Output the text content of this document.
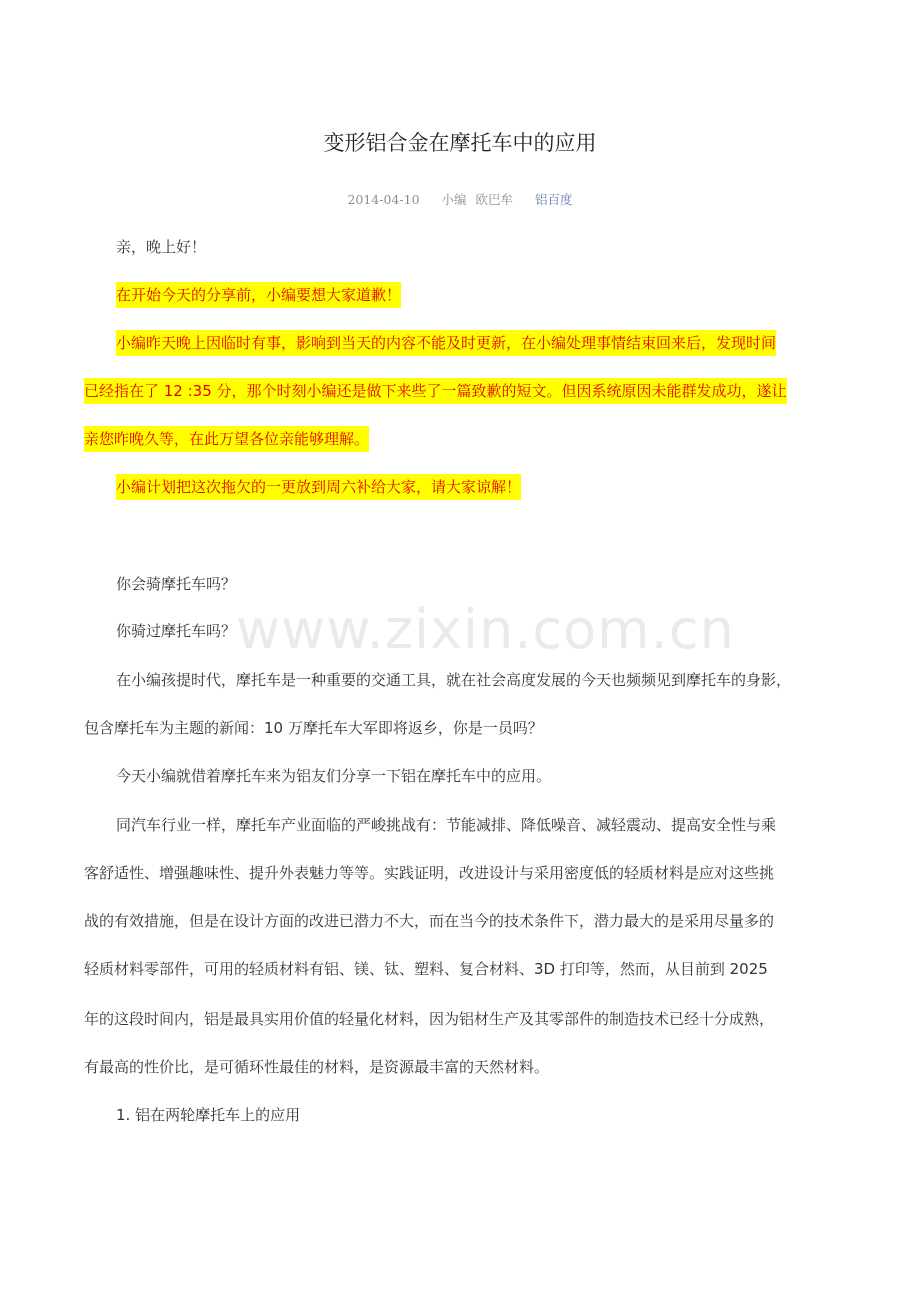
变形铝合金在摩托车中的应用
2014-04-10 小编 欧巴牟 铝百度
亲，晚上好！
在开始今天的分享前，小编要想大家道歉！
小编昨天晚上因临时有事，影响到当天的内容不能及时更新，在小编处理事情结束回来后，发现时间
已经指在了 12 :35 分，那个时刻小编还是做下来些了一篇致歉的短文。但因系统原因未能群发成功，遂让
亲您昨晚久等，在此万望各位亲能够理解。
小编计划把这次拖欠的一更放到周六补给大家，请大家谅解！
你会骑摩托车吗？
你骑过摩托车吗？
在小编孩提时代，摩托车是一种重要的交通工具，就在社会高度发展的今天也频频见到摩托车的身影，
包含摩托车为主题的新闻：10 万摩托车大军即将返乡，你是一员吗？
今天小编就借着摩托车来为铝友们分享一下铝在摩托车中的应用。
同汽车行业一样，摩托车产业面临的严峻挑战有：节能减排、降低噪音、减轻震动、提高安全性与乘
客舒适性、增强趣味性、提升外表魅力等等。实践证明，改进设计与采用密度低的轻质材料是应对这些挑
战的有效措施，但是在设计方面的改进已潜力不大，而在当今的技术条件下，潜力最大的是采用尽量多的
轻质材料零部件，可用的轻质材料有铝、镁、钛、塑料、复合材料、3D 打印等，然而，从目前到 2025
年的这段时间内，铝是最具实用价值的轻量化材料，因为铝材生产及其零部件的制造技术已经十分成熟，
有最高的性价比，是可循环性最佳的材料，是资源最丰富的天然材料。
1. 铝在两轮摩托车上的应用
www.zixin.com.cn
